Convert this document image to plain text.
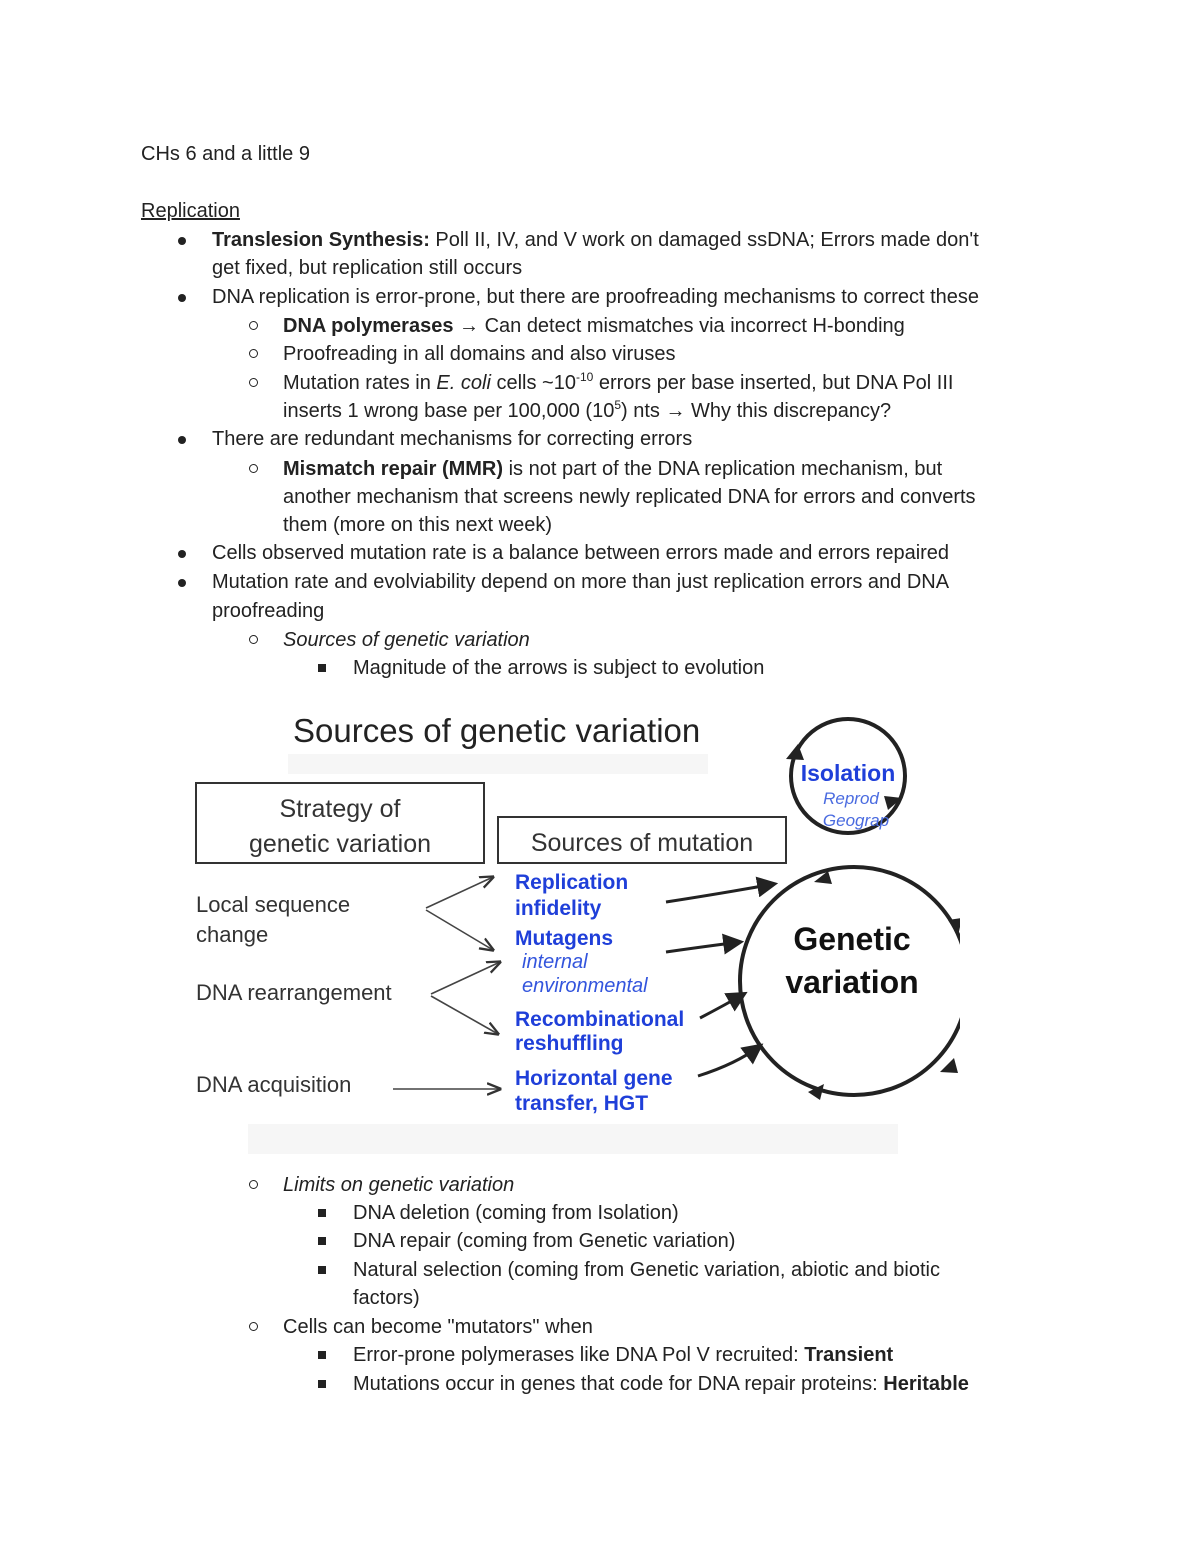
CHs 6 and a little 9
Replication
Translesion Synthesis: Poll II, IV, and V work on damaged ssDNA; Errors made don't
get fixed, but replication still occurs
DNA replication is error-prone, but there are proofreading mechanisms to correct these
DNA polymerases → Can detect mismatches via incorrect H-bonding
Proofreading in all domains and also viruses
Mutation rates in E. coli cells $\sim 10^{-10}$ errors per base inserted, but DNA Pol III
inserts 1 wrong base per 100,000 $(10^5)$ nts → Why this discrepancy?
There are redundant mechanisms for correcting errors
Mismatch repair (MMR) is not part of the DNA replication mechanism, but
another mechanism that screens newly replicated DNA for errors and converts
them (more on this next week)
Cells observed mutation rate is a balance between errors made and errors repaired
Mutation rate and evolviability depend on more than just replication errors and DNA
proofreading
Sources of genetic variation
Magnitude of the arrows is subject to evolution
Sources of genetic variation
Strategy of
genetic variation	Sources of mutation
Local sequence
change
DNA rearrangement
DNA acquisition
Replication
infidelity
Mutagens
Recombinational
reshuffling
Horizontal gene
transfer, HGT
internal
environmental
Genetic
variation
Isolation
Reprod
Geograp
Limits on genetic variation
DNA deletion (coming from Isolation)
DNA repair (coming from Genetic variation)
Natural selection (coming from Genetic variation, abiotic and biotic
factors)
Cells can become "mutators" when
Error-prone polymerases like DNA Pol V recruited: Transient
Mutations occur in genes that code for DNA repair proteins: Heritable
